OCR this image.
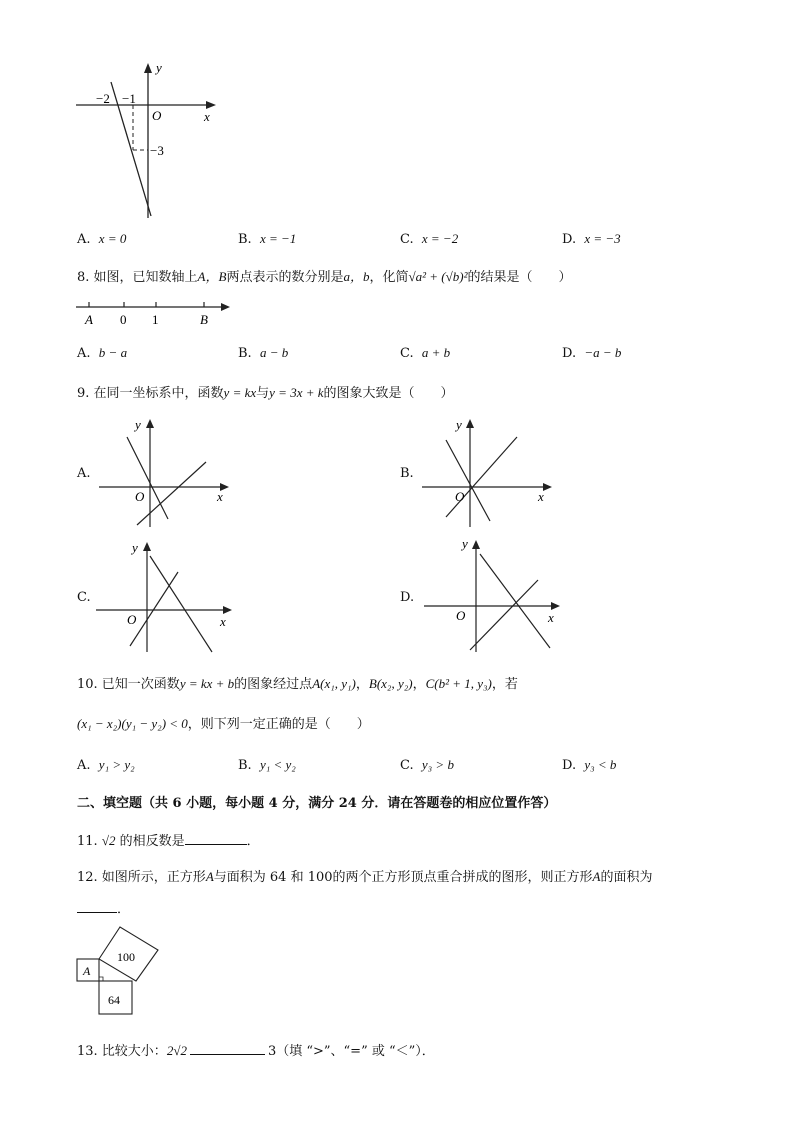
y
x
O
−2 −1
−3
A. x = 0	B. x = −1	C. x = −2	D. x = −3
8. 如图，已知数轴上A，B两点表示的数分别是a，b，化简√a² + (√b)²的结果是（　　）
A 0 1	B
A. b − a	B. a − b	C. a + b	D. −a − b
9. 在同一坐标系中，函数y = kx与y = 3x + k的图象大致是（　　）
A.
y
x
O
B.
y
x
O
C.
y
x
O
D.
y
x
O
10. 已知一次函数y = kx + b的图象经过点A(x₁, y₁)，B(x₂, y₂)，C(b² + 1, y₃)，若
(x₁ − x₂)(y₁ − y₂) < 0，则下列一定正确的是（　　）
A. y₁ > y₂	B. y₁ < y₂	C. y₃ > b	D. y₃ < b
二、填空题（共 6 小题，每小题 4 分，满分 24 分．请在答题卷的相应位置作答）
11. √2 的相反数是	．
12. 如图所示，正方形A与面积为 64 和 100的两个正方形顶点重合拼成的图形，则正方形A的面积为
．
A
100
64
13. 比较大小：2√2	3（填 “>”、“=” 或 “＜”）．
